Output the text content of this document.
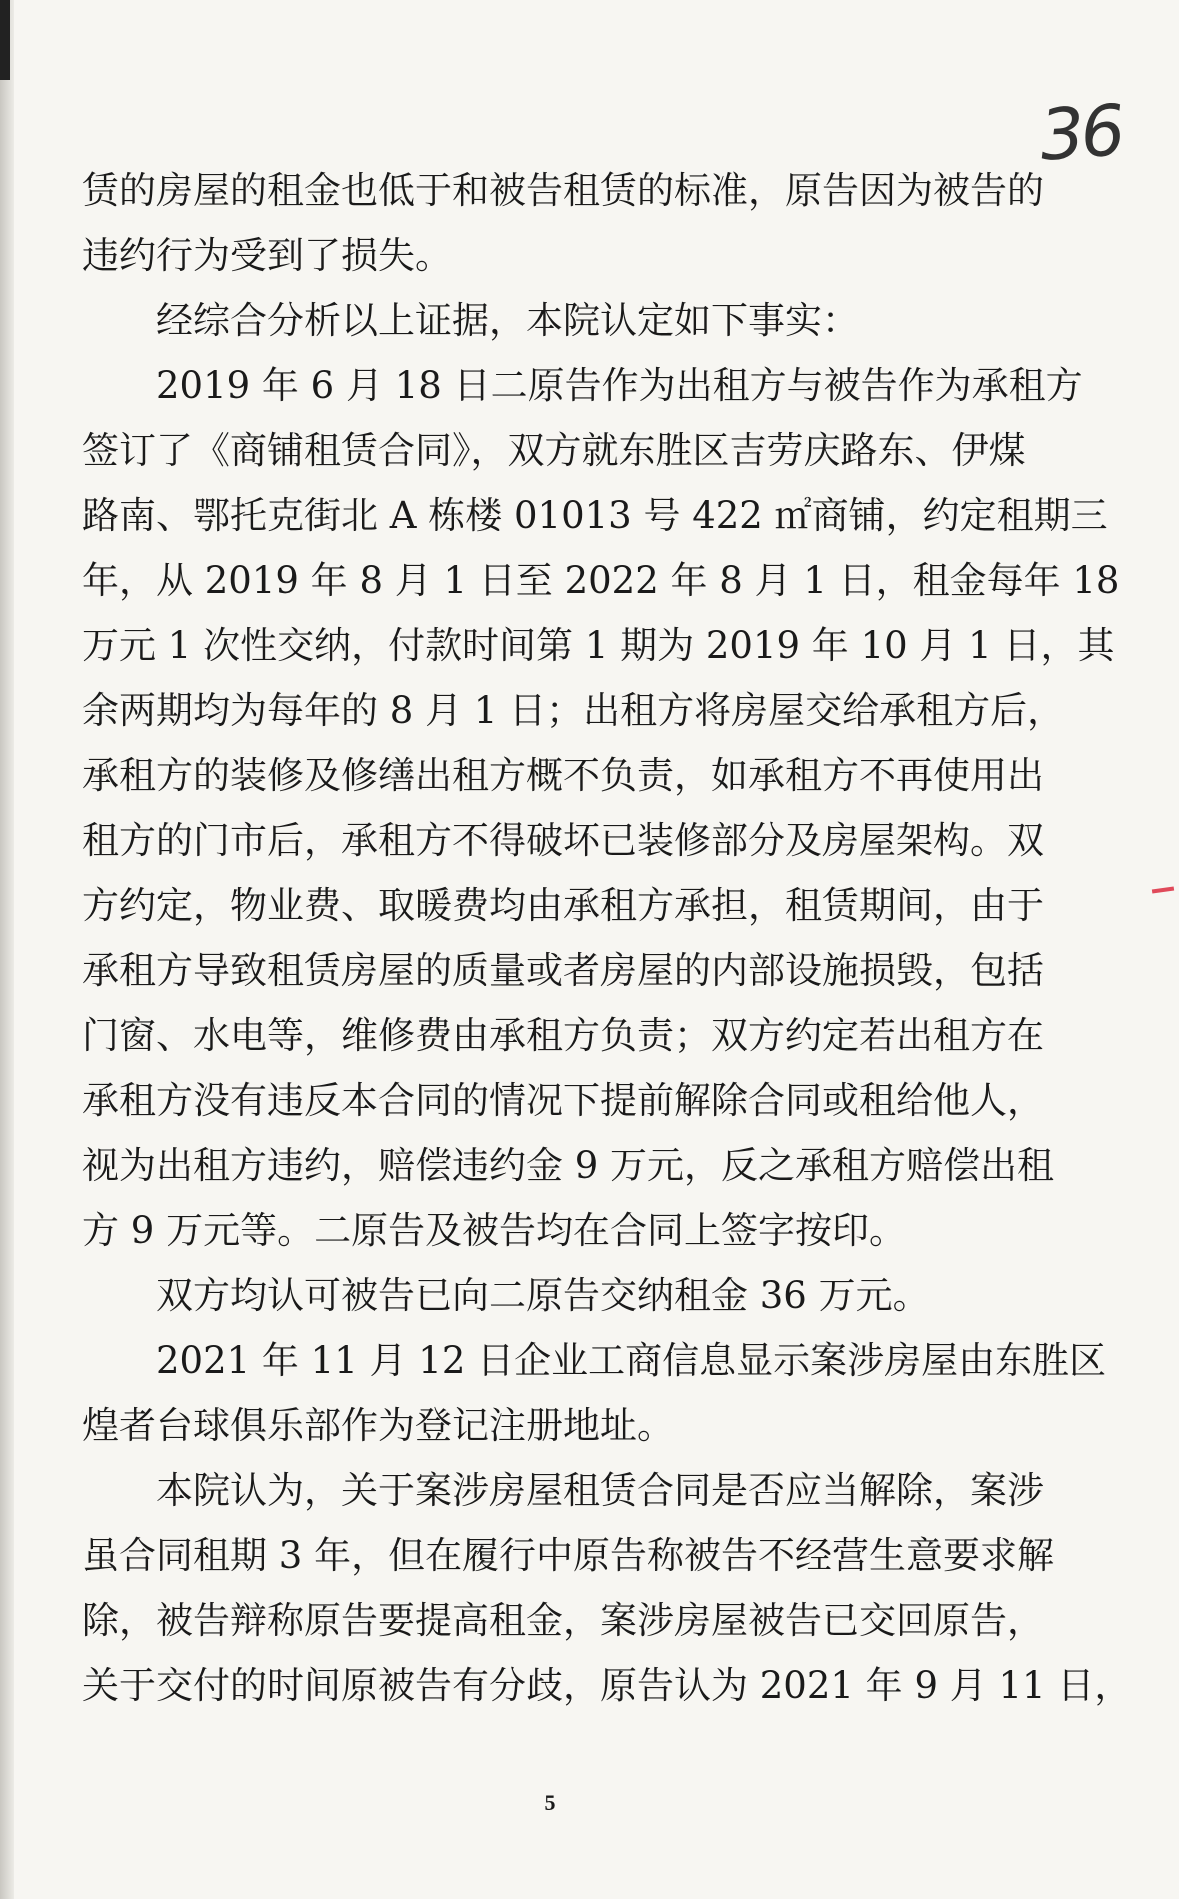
36
赁的房屋的租金也低于和被告租赁的标准，原告因为被告的
违约行为受到了损失。
经综合分析以上证据，本院认定如下事实：
2019 年 6 月 18 日二原告作为出租方与被告作为承租方
签订了《商铺租赁合同》，双方就东胜区吉劳庆路东、伊煤
路南、鄂托克街北 A 栋楼 01013 号 422 ㎡商铺，约定租期三
年，从 2019 年 8 月 1 日至 2022 年 8 月 1 日，租金每年 18
万元 1 次性交纳，付款时间第 1 期为 2019 年 10 月 1 日，其
余两期均为每年的 8 月 1 日；出租方将房屋交给承租方后，
承租方的装修及修缮出租方概不负责，如承租方不再使用出
租方的门市后，承租方不得破坏已装修部分及房屋架构。双
方约定，物业费、取暖费均由承租方承担，租赁期间，由于
承租方导致租赁房屋的质量或者房屋的内部设施损毁，包括
门窗、水电等，维修费由承租方负责；双方约定若出租方在
承租方没有违反本合同的情况下提前解除合同或租给他人，
视为出租方违约，赔偿违约金 9 万元，反之承租方赔偿出租
方 9 万元等。二原告及被告均在合同上签字按印。
双方均认可被告已向二原告交纳租金 36 万元。
2021 年 11 月 12 日企业工商信息显示案涉房屋由东胜区
煌者台球俱乐部作为登记注册地址。
本院认为，关于案涉房屋租赁合同是否应当解除，案涉
虽合同租期 3 年，但在履行中原告称被告不经营生意要求解
除，被告辩称原告要提高租金，案涉房屋被告已交回原告，
关于交付的时间原被告有分歧，原告认为 2021 年 9 月 11 日，
5
